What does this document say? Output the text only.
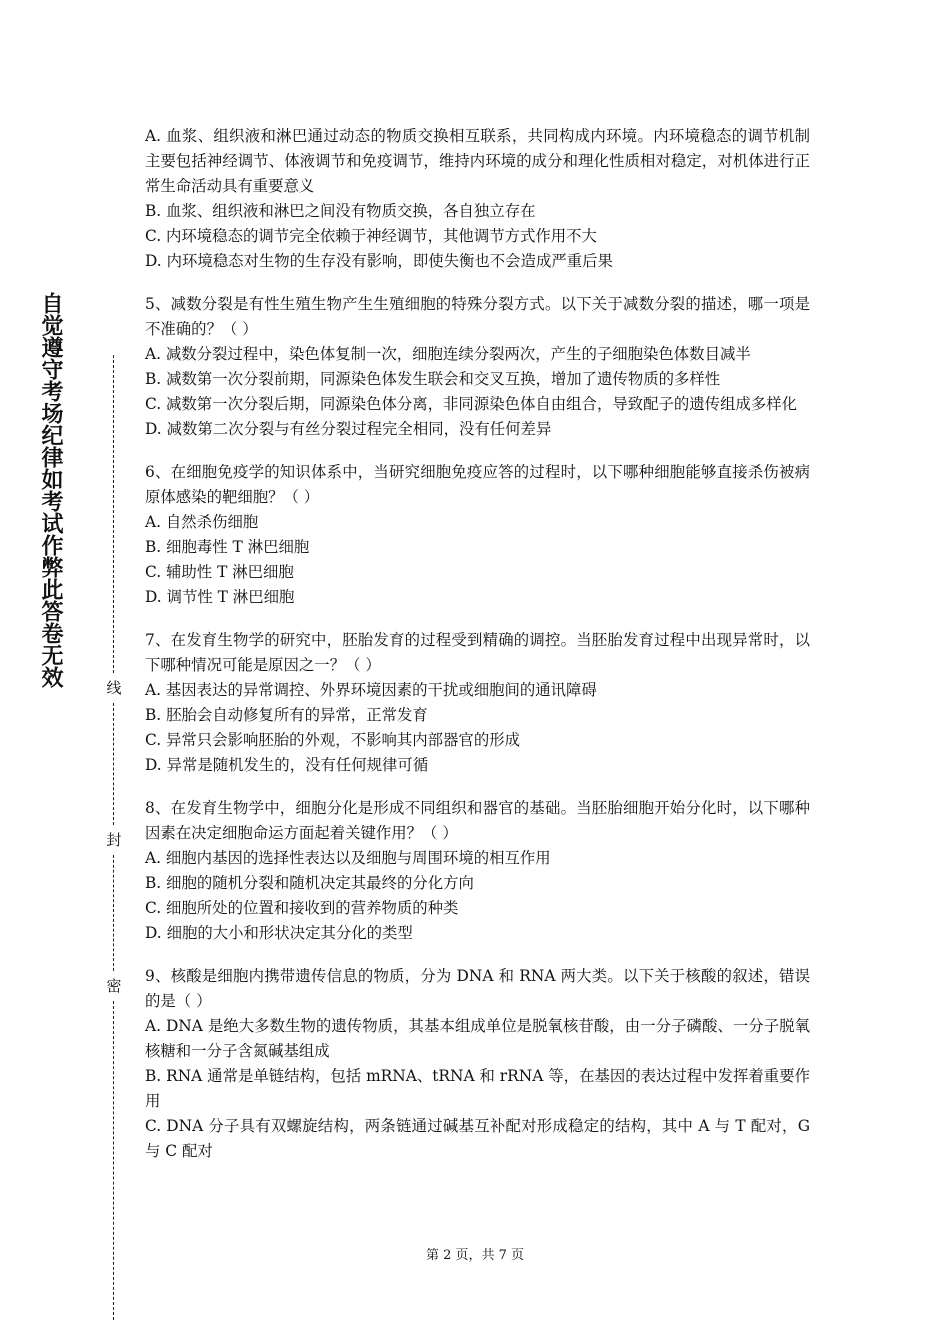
自觉遵守考场纪律如考试作弊此答卷无效	线
封
密

A. 血浆、组织液和淋巴通过动态的物质交换相互联系，共同构成内环境。内环境稳态的调节机制主要包括神经调节、体液调节和免疫调节，维持内环境的成分和理化性质相对稳定，对机体进行正常生命活动具有重要意义

B. 血浆、组织液和淋巴之间没有物质交换，各自独立存在

C. 内环境稳态的调节完全依赖于神经调节，其他调节方式作用不大

D. 内环境稳态对生物的生存没有影响，即使失衡也不会造成严重后果

5、减数分裂是有性生殖生物产生生殖细胞的特殊分裂方式。以下关于减数分裂的描述，哪一项是不准确的？（ ）

A. 减数分裂过程中，染色体复制一次，细胞连续分裂两次，产生的子细胞染色体数目减半

B. 减数第一次分裂前期，同源染色体发生联会和交叉互换，增加了遗传物质的多样性

C. 减数第一次分裂后期，同源染色体分离，非同源染色体自由组合，导致配子的遗传组成多样化

D. 减数第二次分裂与有丝分裂过程完全相同，没有任何差异

6、在细胞免疫学的知识体系中，当研究细胞免疫应答的过程时，以下哪种细胞能够直接杀伤被病原体感染的靶细胞？（ ）

A. 自然杀伤细胞

B. 细胞毒性 T 淋巴细胞

C. 辅助性 T 淋巴细胞

D. 调节性 T 淋巴细胞

7、在发育生物学的研究中，胚胎发育的过程受到精确的调控。当胚胎发育过程中出现异常时，以下哪种情况可能是原因之一？（ ）

A. 基因表达的异常调控、外界环境因素的干扰或细胞间的通讯障碍

B. 胚胎会自动修复所有的异常，正常发育

C. 异常只会影响胚胎的外观，不影响其内部器官的形成

D. 异常是随机发生的，没有任何规律可循

8、在发育生物学中，细胞分化是形成不同组织和器官的基础。当胚胎细胞开始分化时，以下哪种因素在决定细胞命运方面起着关键作用？（ ）

A. 细胞内基因的选择性表达以及细胞与周围环境的相互作用

B. 细胞的随机分裂和随机决定其最终的分化方向

C. 细胞所处的位置和接收到的营养物质的种类

D. 细胞的大小和形状决定其分化的类型

9、核酸是细胞内携带遗传信息的物质，分为 DNA 和 RNA 两大类。以下关于核酸的叙述，错误的是（ ）

A. DNA 是绝大多数生物的遗传物质，其基本组成单位是脱氧核苷酸，由一分子磷酸、一分子脱氧核糖和一分子含氮碱基组成

B. RNA 通常是单链结构，包括 mRNA、tRNA 和 rRNA 等，在基因的表达过程中发挥着重要作用

C. DNA 分子具有双螺旋结构，两条链通过碱基互补配对形成稳定的结构，其中 A 与 T 配对，G 与 C 配对

第 2 页，共 7 页
